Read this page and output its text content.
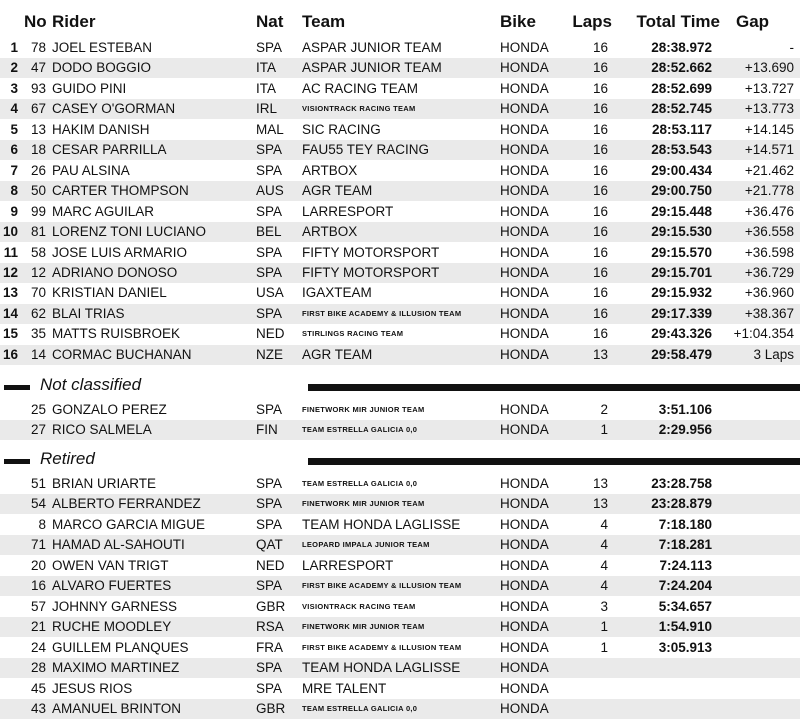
No Rider	Nat Team	Bike	Laps	Total Time Gap
1 78 JOEL ESTEBAN	SPA ASPAR JUNIOR TEAM	HONDA	16	28:38.972	-
2 47 DODO BOGGIO	ITA ASPAR JUNIOR TEAM	HONDA	16	28:52.662	+13.690
3 93 GUIDO PINI	ITA AC RACING TEAM	HONDA	16	28:52.699	+13.727
4 67 CASEY O'GORMAN	IRL	VISIONTRACK RACING TEAM	HONDA	16	28:52.745	+13.773
5 13 HAKIM DANISH	MAL SIC RACING	HONDA	16	28:53.117	+14.145
6 18 CESAR PARRILLA	SPA FAU55 TEY RACING	HONDA	16	28:53.543	+14.571
7 26 PAU ALSINA	SPA ARTBOX	HONDA	16	29:00.434	+21.462
8 50 CARTER THOMPSON	AUS AGR TEAM	HONDA	16	29:00.750	+21.778
9 99 MARC AGUILAR	SPA LARRESPORT	HONDA	16	29:15.448	+36.476
10 81 LORENZ TONI LUCIANO	BEL ARTBOX	HONDA	16	29:15.530	+36.558
11 58 JOSE LUIS ARMARIO	SPA FIFTY MOTORSPORT	HONDA	16	29:15.570	+36.598
12 12 ADRIANO DONOSO	SPA FIFTY MOTORSPORT	HONDA	16	29:15.701	+36.729
13 70 KRISTIAN DANIEL	USA IGAXTEAM	HONDA	16	29:15.932	+36.960
14 62 BLAI TRIAS	SPA	FIRST BIKE ACADEMY & ILLUSION TEAM	HONDA	16	29:17.339	+38.367
15 35 MATTS RUISBROEK	NED STIRLINGS RACING TEAM	HONDA	16	29:43.326	+1:04.354
16 14 CORMAC BUCHANAN	NZE AGR TEAM	HONDA	13	29:58.479	3 Laps
Not classified
25 GONZALO PEREZ	SPA	FINETWORK MIR JUNIOR TEAM	HONDA	2	3:51.106
27 RICO SALMELA	FIN	TEAM ESTRELLA GALICIA 0,0	HONDA	1	2:29.956
Retired
51 BRIAN URIARTE	SPA	TEAM ESTRELLA GALICIA 0,0	HONDA	13	23:28.758
54 ALBERTO FERRANDEZ	SPA	FINETWORK MIR JUNIOR TEAM	HONDA	13	23:28.879
8 MARCO GARCIA MIGUE	SPA TEAM HONDA LAGLISSE	HONDA	4	7:18.180
71 HAMAD AL-SAHOUTI	QAT	LEOPARD IMPALA JUNIOR TEAM	HONDA	4	7:18.281
20 OWEN VAN TRIGT	NED LARRESPORT	HONDA	4	7:24.113
16 ALVARO FUERTES	SPA	FIRST BIKE ACADEMY & ILLUSION TEAM	HONDA	4	7:24.204
57 JOHNNY GARNESS	GBR VISIONTRACK RACING TEAM	HONDA	3	5:34.657
21 RUCHE MOODLEY	RSA FINETWORK MIR JUNIOR TEAM	HONDA	1	1:54.910
24 GUILLEM PLANQUES	FRA	FIRST BIKE ACADEMY & ILLUSION TEAM	HONDA	1	3:05.913
28 MAXIMO MARTINEZ	SPA TEAM HONDA LAGLISSE	HONDA
45 JESUS RIOS	SPA MRE TALENT	HONDA
43 AMANUEL BRINTON	GBR TEAM ESTRELLA GALICIA 0,0	HONDA
